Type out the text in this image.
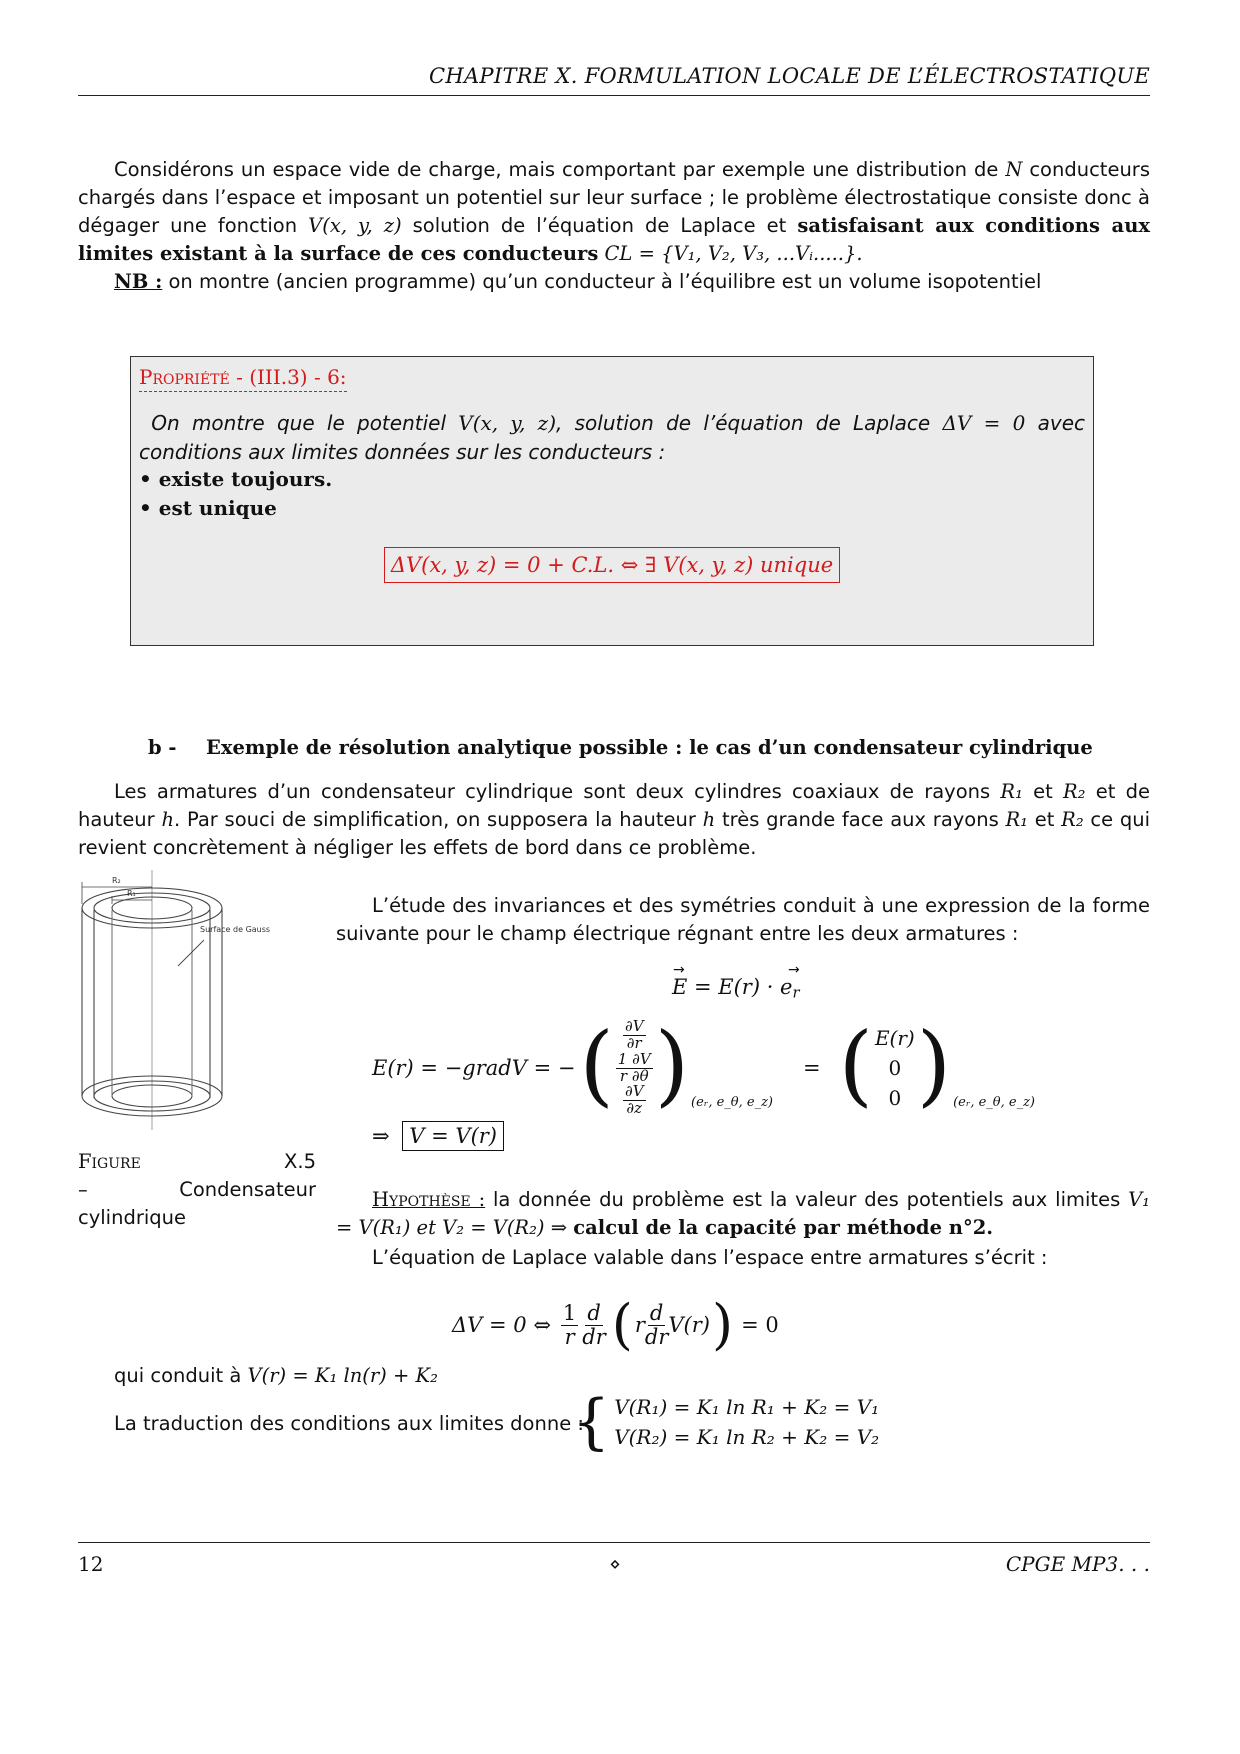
CHAPITRE X. FORMULATION LOCALE DE L’ÉLECTROSTATIQUE
Considérons un espace vide de charge, mais comportant par exemple une distribution de N conducteurs chargés dans l’espace et imposant un potentiel sur leur surface ; le problème électrostatique consiste donc à dégager une fonction V(x, y, z) solution de l’équation de Laplace et satisfaisant aux conditions aux limites existant à la surface de ces conducteurs CL = {V₁, V₂, V₃, ...Vᵢ.....}.
NB : on montre (ancien programme) qu’un conducteur à l’équilibre est un volume isopotentiel
Propriété - (III.3) - 6:
On montre que le potentiel V(x, y, z), solution de l’équation de Laplace ΔV = 0 avec conditions aux limites données sur les conducteurs :
• existe toujours.
• est unique
ΔV(x, y, z) = 0 + C.L. ⇔ ∃ V(x, y, z) unique
b - Exemple de résolution analytique possible : le cas d’un condensateur cylindrique
Les armatures d’un condensateur cylindrique sont deux cylindres coaxiaux de rayons R₁ et R₂ et de hauteur h. Par souci de simplification, on supposera la hauteur h très grande face aux rayons R₁ et R₂ ce qui revient concrètement à négliger les effets de bord dans ce problème.
R₂
R₁
Surface de Gauss
Figure	X.5
– Condensateur cylindrique
L’étude des invariances et des symétries conduit à une expression de la forme suivante pour le champ électrique régnant entre les deux armatures :
$E = E(r) \cdot e_r$
→	→
E(r) = −gradV = − ( $\frac{\partial V}{\partial r}$
$\frac{1 \partial V}{r \partial\theta}$
$\frac{\partial V}{\partial z}$ ) (eᵣ, e_θ, e_z)
= ( E(r)
0
0 ) (eᵣ, e_θ, e_z)
⇒ V = V(r)
Hypothèse : la donnée du problème est la valeur des potentiels aux limites V₁ = V(R₁) et V₂ = V(R₂) ⇒ calcul de la capacité par méthode n°2.
L’équation de Laplace valable dans l’espace entre armatures s’écrit :
ΔV = 0 ⇔ $\frac{1}{r} \frac{d}{dr}$ ( r $\frac{d}{dr} V(r)$ ) = 0
qui conduit à V(r) = K₁ ln(r) + K₂
La traduction des conditions aux limites donne :
{ V(R₁) = K₁ ln R₁ + K₂ = V₁
V(R₂) = K₁ ln R₂ + K₂ = V₂
12	⋄	CPGE MP3. . .
